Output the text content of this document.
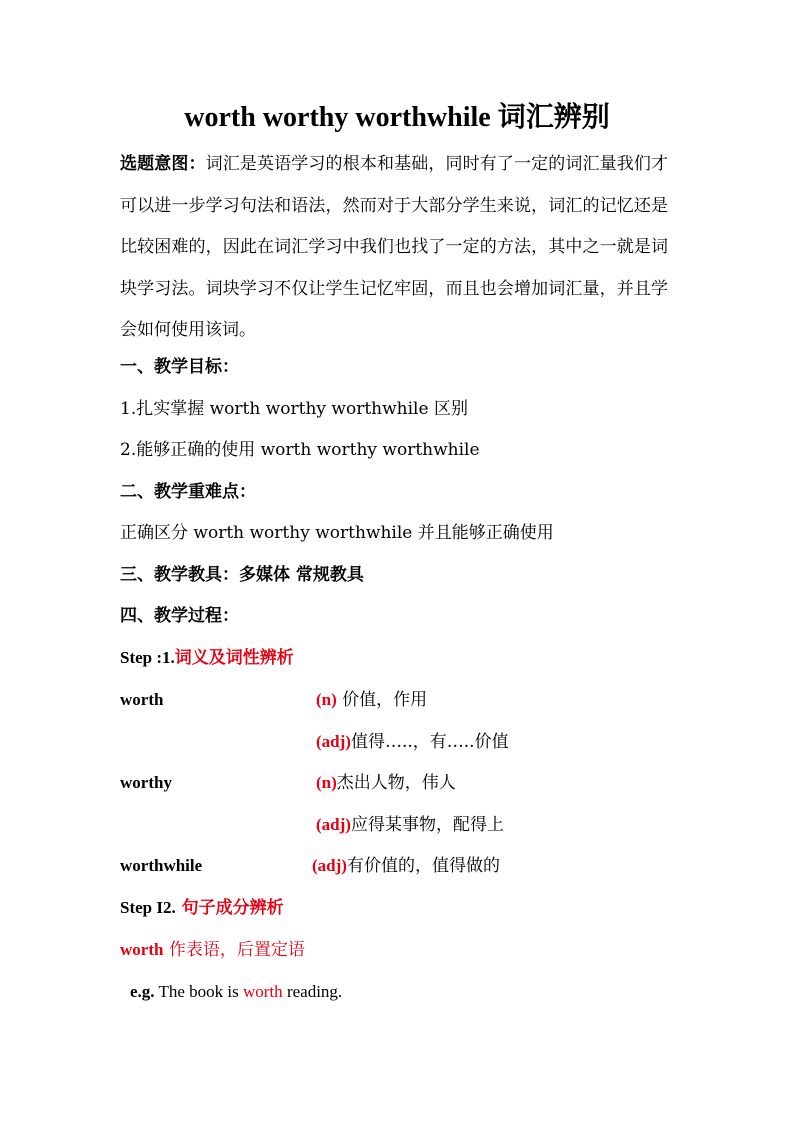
worth worthy worthwhile 词汇辨别
选题意图：词汇是英语学习的根本和基础，同时有了一定的词汇量我们才可以进一步学习句法和语法，然而对于大部分学生来说，词汇的记忆还是比较困难的，因此在词汇学习中我们也找了一定的方法，其中之一就是词块学习法。词块学习不仅让学生记忆牢固，而且也会增加词汇量，并且学会如何使用该词。
一、教学目标：
1.扎实掌握 worth worthy worthwhile 区别
2.能够正确的使用 worth worthy worthwhile
二、教学重难点：
正确区分 worth worthy worthwhile 并且能够正确使用
三、教学教具：多媒体 常规教具
四、教学过程：
Step :1.词义及词性辨析
worth	(n) 价值，作用
(adj)值得…..，有…..价值
worthy	(n)杰出人物，伟人
(adj)应得某事物，配得上
worthwhile	(adj)有价值的，值得做的
Step I2. 句子成分辨析
worth 作表语，后置定语
e.g. The book is worth reading.
